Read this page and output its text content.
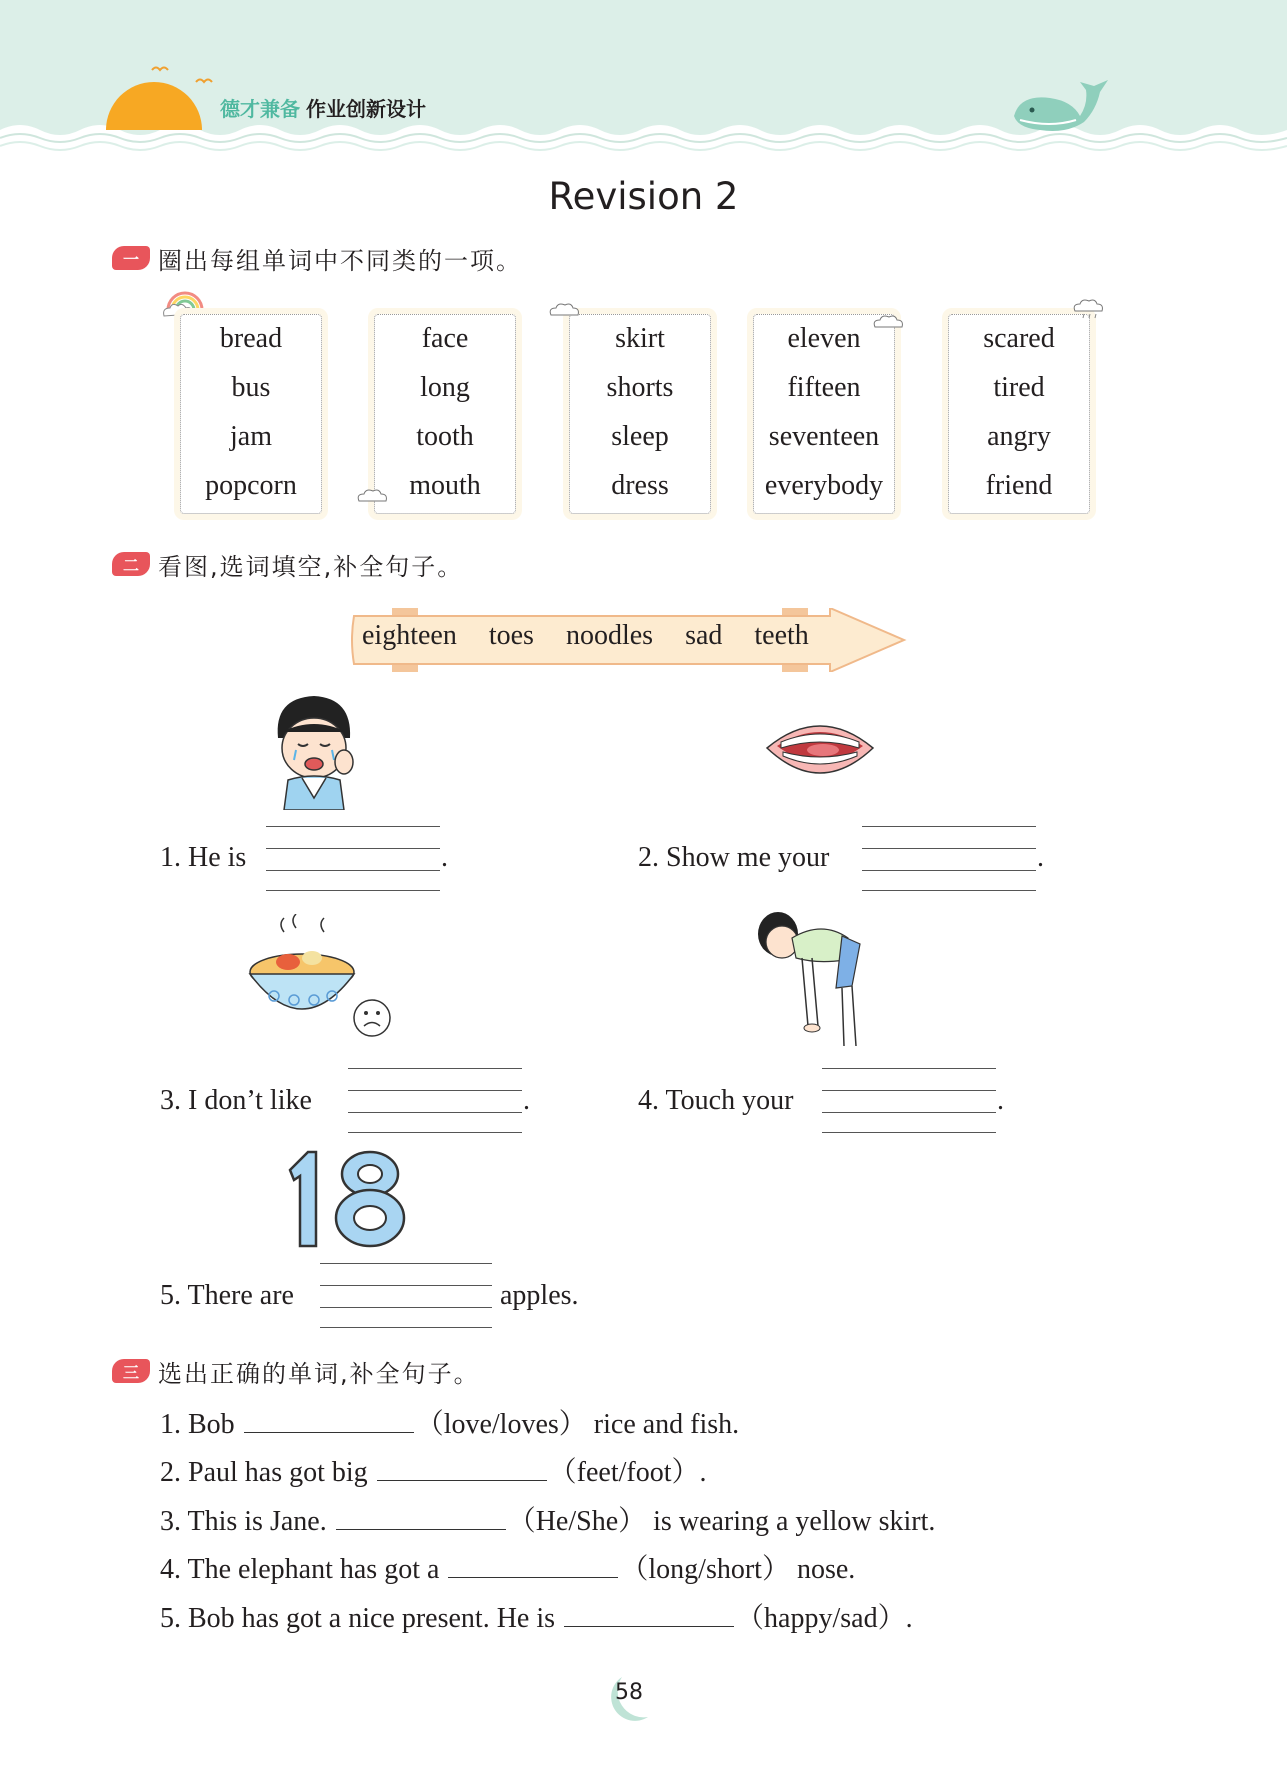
德才兼备 作业创新设计
Revision 2
一 圈出每组单词中不同类的一项。
bread
bus
jam
popcorn
face
long
tooth
mouth
skirt
shorts
sleep
dress
eleven
fifteen
seventeen
everybody
scared
tired
angry
friend
二 看图,选词填空,补全句子。
eighteen toes noodles sad teeth
1. He is	.	2. Show me your	.
3. I don’t like	.	4. Touch your	.
5. There are	apples.
三 选出正确的单词,补全句子。
1. Bob	（love/loves） rice and fish.
2. Paul has got big	（feet/foot）.
3. This is Jane.	（He/She） is wearing a yellow skirt.
4. The elephant has got a	（long/short） nose.
5. Bob has got a nice present. He is	（happy/sad）.
58
